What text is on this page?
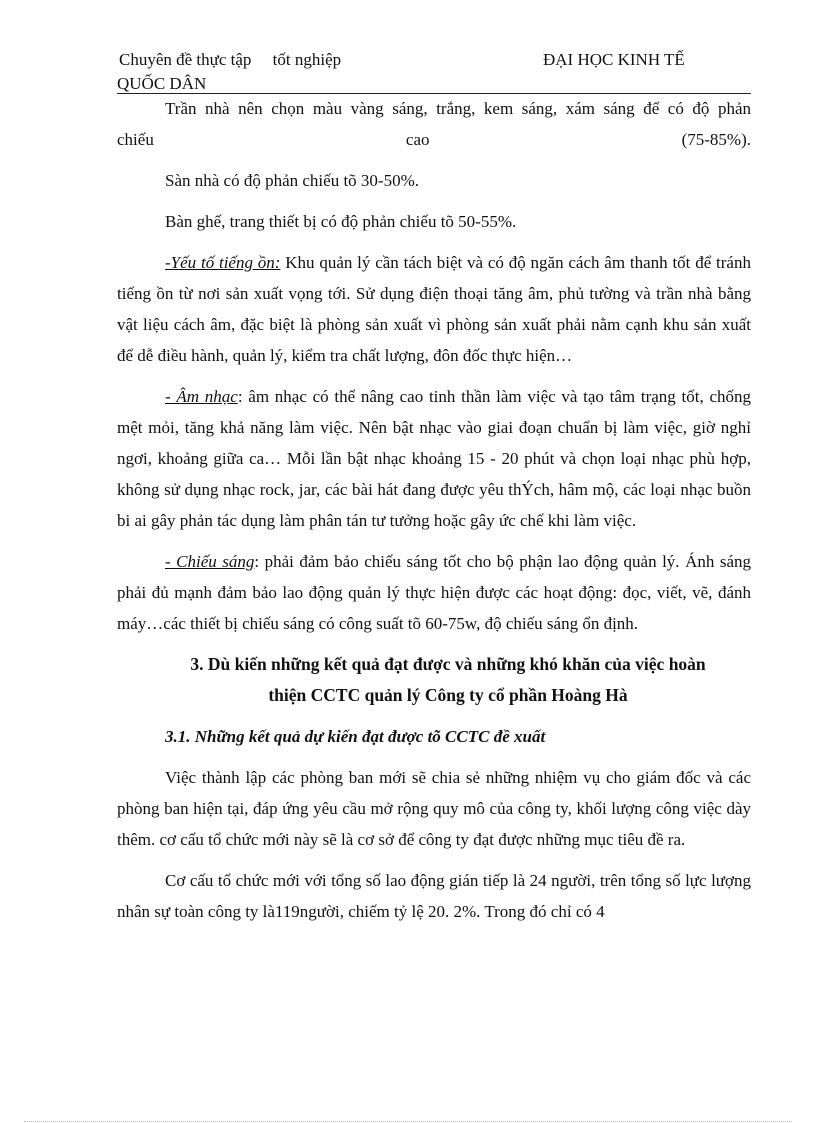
Chuyên đề thực tập     tốt nghiệp	ĐẠI HỌC KINH TẾ
QUỐC DÂN

Trần nhà nên chọn màu vàng sáng, trắng, kem sáng, xám sáng để có độ phản

chiếu cao (75-85%).

Sàn nhà có độ phản chiếu tõ 30-50%.

Bàn ghế, trang thiết bị có độ phản chiếu tõ 50-55%.

-Yếu tố tiếng ồn: Khu quản lý cần tách biệt và có độ ngăn cách âm thanh tốt để tránh tiếng ồn từ nơi sản xuất vọng tới. Sử dụng điện thoại tăng âm, phủ tường và trần nhà bằng vật liệu cách âm, đặc biệt là phòng sản xuất vì phòng sản xuất phải nằm cạnh khu sản xuất để dễ điều hành, quản lý, kiểm tra chất lượng, đôn đốc thực hiện…

- Âm nhạc: âm nhạc có thể nâng cao tinh thần làm việc và tạo tâm trạng tốt, chống mệt mỏi, tăng khả năng làm việc. Nên bật nhạc vào giai đoạn chuẩn bị làm việc, giờ nghỉ ngơi, khoảng giữa ca… Mỗi lần bật nhạc khoảng 15 - 20 phút và chọn loại nhạc phù hợp, không sử dụng nhạc rock, jar, các bài hát đang được yêu thÝch, hâm mộ, các loại nhạc buồn bi ai gây phản tác dụng làm phân tán tư tưởng hoặc gây ức chế khi làm việc.

- Chiếu sáng: phải đảm bảo chiếu sáng tốt cho bộ phận lao động quản lý. Ánh sáng phải đủ mạnh đảm bảo lao động quản lý thực hiện được các hoạt động: đọc, viết, vẽ, đánh máy…các thiết bị chiếu sáng có công suất tõ 60-75w, độ chiếu sáng ổn định.

3. Dù kiến những kết quả đạt được và những khó khăn của việc hoàn

thiện CCTC quản lý Công ty cổ phần Hoàng Hà

3.1. Những kết quả dự kiến đạt được tõ CCTC đề xuất

Việc thành lập các phòng ban mới sẽ chia sẻ những nhiệm vụ cho giám đốc và các phòng ban hiện tại, đáp ứng yêu cầu mở rộng quy mô của công ty, khối lượng công việc dày thêm. cơ cấu tổ chức mới này sẽ là cơ sở để công ty đạt được những mục tiêu đề ra.

Cơ cấu tổ chức mới với tổng số lao động gián tiếp là 24 người, trên tổng số lực lượng nhân sự toàn công ty là119người, chiếm tỷ lệ 20. 2%. Trong đó chỉ có 4
